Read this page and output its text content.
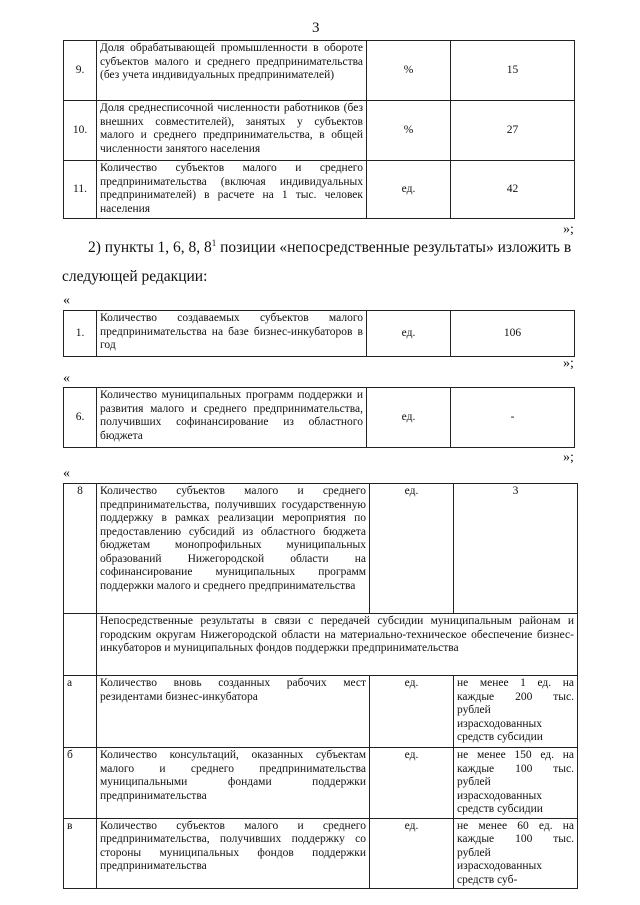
3
9.	Доля обрабатывающей промышленности в обороте субъектов малого и среднего предпринимательства (без учета индивидуальных предпринимателей)	%	15
10.	Доля среднесписочной численности работников (без внешних совместителей), занятых у субъектов малого и среднего предпринимательства, в общей численности занятого населения	%	27
11.	Количество субъектов малого и среднего предпринимательства (включая индивидуальных предпринимателей) в расчете на 1 тыс. человек населения	ед.	42
»;
2) пункты 1, 6, 8, $8^1$ позиции «непосредственные результаты» изложить в
следующей редакции:
«
1.	Количество создаваемых субъектов малого предпринимательства на базе бизнес-инкубаторов в год	ед.	106
»;
«
6.	Количество муниципальных программ поддержки и развития малого и среднего предпринимательства, получивших софинансирование из областного бюджета	ед.	-
»;
«
8	Количество субъектов малого и среднего предпринимательства, получивших государственную поддержку в рамках реализации мероприятия по предоставлению субсидий из областного бюджета бюджетам монопрофильных муниципальных образований Нижегородской области на софинансирование муниципальных программ поддержки малого и среднего предпринимательства	ед.	3
	Непосредственные результаты в связи с передачей субсидии муниципальным районам и городским округам Нижегородской области на материально-техническое обеспечение бизнес-инкубаторов и муниципальных фондов поддержки предпринимательства		
а	Количество вновь созданных рабочих мест резидентами бизнес-инкубатора	ед.	не менее 1 ед. на каждые 200 тыс. рублей израсходованных средств субсидии
б	Количество консультаций, оказанных субъектам малого и среднего предпринимательства муниципальными фондами поддержки предпринимательства	ед.	не менее 150 ед. на каждые 100 тыс. рублей израсходованных средств субсидии
в	Количество субъектов малого и среднего предпринимательства, получивших поддержку со стороны муниципальных фондов поддержки предпринимательства	ед.	не менее 60 ед. на каждые 100 тыс. рублей израсходованных средств суб-
